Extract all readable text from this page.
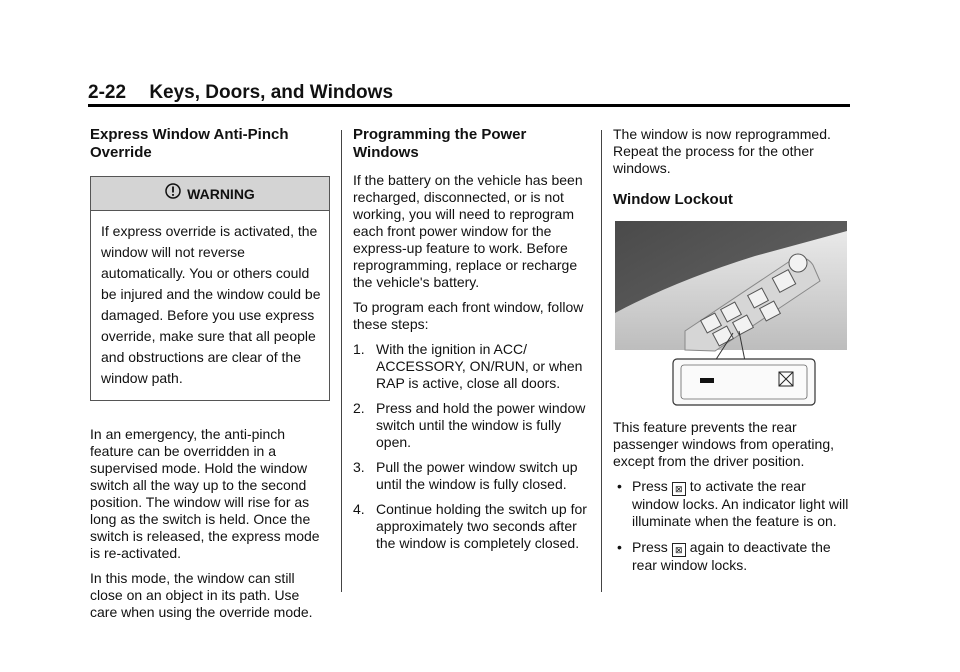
2-22 Keys, Doors, and Windows
Express Window Anti-Pinch Override
WARNING
If express override is activated, the window will not reverse automatically. You or others could be injured and the window could be damaged. Before you use express override, make sure that all people and obstructions are clear of the window path.

In an emergency, the anti-pinch feature can be overridden in a supervised mode. Hold the window switch all the way up to the second position. The window will rise for as long as the switch is held. Once the switch is released, the express mode is re-activated.

In this mode, the window can still close on an object in its path. Use care when using the override mode.

Programming the Power Windows

If the battery on the vehicle has been recharged, disconnected, or is not working, you will need to reprogram each front power window for the express-up feature to work. Before reprogramming, replace or recharge the vehicle's battery.

To program each front window, follow these steps:

1. With the ignition in ACC/ ACCESSORY, ON/RUN, or when RAP is active, close all doors.
2. Press and hold the power window switch until the window is fully open.
3. Pull the power window switch up until the window is fully closed.
4. Continue holding the switch up for approximately two seconds after the window is completely closed.

The window is now reprogrammed. Repeat the process for the other windows.

Window Lockout

This feature prevents the rear passenger windows from operating, except from the driver position.

• Press ⊠ to activate the rear window locks. An indicator light will illuminate when the feature is on.
• Press ⊠ again to deactivate the rear window locks.
